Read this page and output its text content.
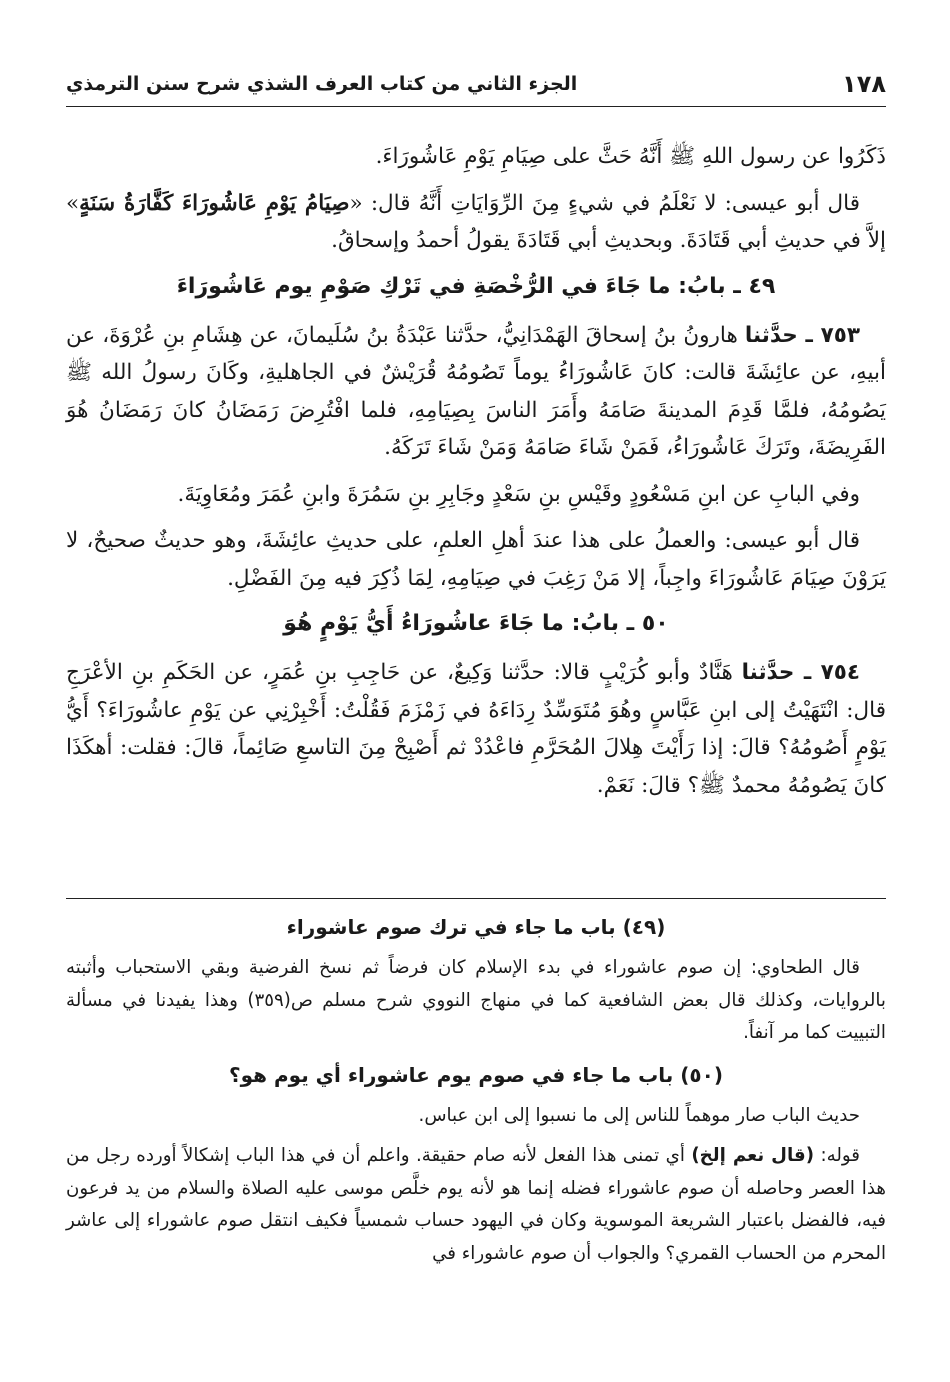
١٧٨
الجزء الثاني من كتاب العرف الشذي شرح سنن الترمذي

ذَكَرُوا عن رسول اللهِ ﷺ أَنَّهُ حَثَّ على صِيَامِ يَوْمِ عَاشُورَاءَ.

قال أبو عيسى: لا نَعْلَمُ في شيءٍ مِنَ الرِّوَايَاتِ أَنَّهُ قال: «صِيَامُ يَوْمِ عَاشُورَاءَ كَفَّارَةُ سَنَةٍ» إلاَّ في حديثِ أبي قَتَادَةَ. وبحديثِ أبي قَتَادَةَ يقولُ أحمدُ وإسحاقُ.

٤٩ ـ بابُ: ما جَاءَ في الرُّخْصَةِ في تَرْكِ صَوْمِ يوم عَاشُورَاءَ

٧٥٣ ـ حدَّثنا هارونُ بنُ إسحاقَ الهَمْدَانِيُّ، حدَّثنا عَبْدَةُ بنُ سُلَيمانَ، عن هِشَامِ بنِ عُرْوَةَ، عن أبيهِ، عن عائِشَةَ قالت: كانَ عَاشُورَاءُ يوماً تَصُومُهُ قُرَيْشٌ في الجاهليةِ، وكَانَ رسولُ الله ﷺ يَصُومُهُ، فلمَّا قَدِمَ المدينةَ صَامَهُ وأَمَرَ الناسَ بِصِيَامِهِ، فلما افْتُرِضَ رَمَضَانُ كانَ رَمَضَانُ هُوَ الفَرِيضَةَ، وتَرَكَ عَاشُورَاءُ، فَمَنْ شَاءَ صَامَهُ وَمَنْ شَاءَ تَرَكَهُ.

وفي البابِ عن ابنِ مَسْعُودٍ وقَيْسِ بنِ سَعْدٍ وجَابِرِ بنِ سَمُرَةَ وابنِ عُمَرَ ومُعَاوِيَةَ.

قال أبو عيسى: والعملُ على هذا عندَ أهلِ العلمِ، على حديثِ عائِشَةَ، وهو حديثٌ صحيحٌ، لا يَرَوْنَ صِيَامَ عَاشُورَاءَ واجِباً، إلا مَنْ رَغِبَ في صِيَامِهِ، لِمَا ذُكِرَ فيه مِنَ الفَضْلِ.

٥٠ ـ بابُ: ما جَاءَ عاشُورَاءُ أَيُّ يَوْمٍ هُوَ

٧٥٤ ـ حدَّثنا هَنَّادٌ وأبو كُرَيْبٍ قالا: حدَّثنا وَكِيعٌ، عن حَاجِبِ بنِ عُمَرٍ، عن الحَكَمِ بنِ الأعْرَجِ قال: انْتَهَيْتُ إلى ابنِ عَبَّاسٍ وهُوَ مُتَوَسِّدٌ رِدَاءَهُ في زَمْزَمَ فَقُلْتُ: أَخْبِرْنِي عن يَوْمِ عاشُورَاءَ؟ أَيُّ يَوْمٍ أَصُومُهُ؟ قالَ: إذا رَأَيْتَ هِلالَ المُحَرَّمِ فاعْدُدْ ثم أَصْبِحْ مِنَ التاسعِ صَائِماً، قالَ: فقلت: أهكَذَا كانَ يَصُومُهُ محمدٌ ﷺ؟ قالَ: نَعَمْ.

(٤٩) باب ما جاء في ترك صوم عاشوراء

قال الطحاوي: إن صوم عاشوراء في بدء الإسلام كان فرضاً ثم نسخ الفرضية وبقي الاستحباب وأثبته بالروايات، وكذلك قال بعض الشافعية كما في منهاج النووي شرح مسلم ص(٣٥٩) وهذا يفيدنا في مسألة التبييت كما مر آنفاً.

(٥٠) باب ما جاء في صوم يوم عاشوراء أي يوم هو؟

حديث الباب صار موهماً للناس إلى ما نسبوا إلى ابن عباس.

قوله: (قال نعم إلخ) أي تمنى هذا الفعل لأنه صام حقيقة. واعلم أن في هذا الباب إشكالاً أورده رجل من هذا العصر وحاصله أن صوم عاشوراء فضله إنما هو لأنه يوم خلَّص موسى عليه الصلاة والسلام من يد فرعون فيه، فالفضل باعتبار الشريعة الموسوية وكان في اليهود حساب شمسياً فكيف انتقل صوم عاشوراء إلى عاشر المحرم من الحساب القمري؟ والجواب أن صوم عاشوراء في
